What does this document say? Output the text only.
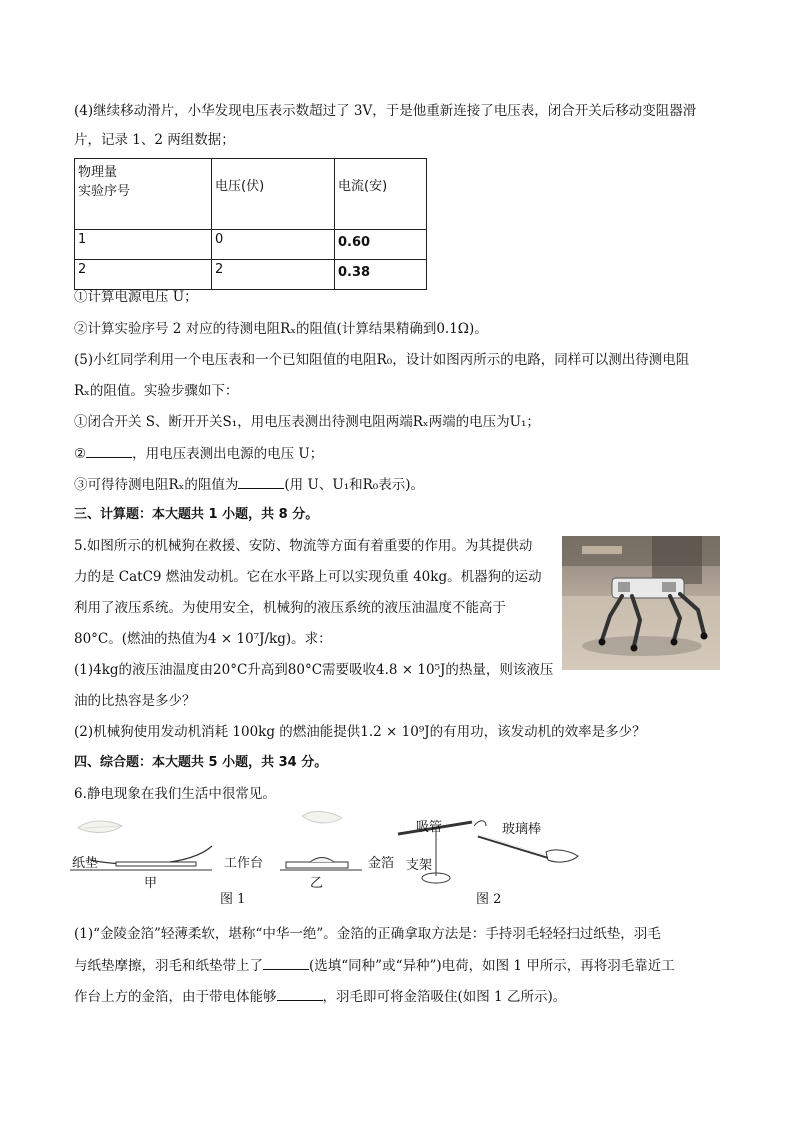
(4)继续移动滑片，小华发现电压表示数超过了 3V，于是他重新连接了电压表，闭合开关后移动变阻器滑
片，记录 1、2 两组数据；
物理量
实验序号	电压(伏)	电流(安)
1	0	0.60
2	2	0.38
①计算电源电压 U；
②计算实验序号 2 对应的待测电阻Rₓ的阻值(计算结果精确到0.1Ω)。
(5)小红同学利用一个电压表和一个已知阻值的电阻R₀，设计如图丙所示的电路，同样可以测出待测电阻
Rₓ的阻值。实验步骤如下：
①闭合开关 S、断开开关S₁，用电压表测出待测电阻两端Rₓ两端的电压为U₁；
②	，用电压表测出电源的电压 U；
③可得待测电阻Rₓ的阻值为	(用 U、U₁和R₀表示)。
三、计算题：本大题共 1 小题，共 8 分。
5.如图所示的机械狗在救援、安防、物流等方面有着重要的作用。为其提供动
力的是 CatC9 燃油发动机。它在水平路上可以实现负重 40kg。机器狗的运动
利用了液压系统。为使用安全，机械狗的液压系统的液压油温度不能高于
80°C。(燃油的热值为4 × 10⁷J/kg)。求：
(1)4kg的液压油温度由20°C升高到80°C需要吸收4.8 × 10⁵J的热量，则该液压
油的比热容是多少？
(2)机械狗使用发动机消耗 100kg 的燃油能提供1.2 × 10⁹J的有用功，该发动机的效率是多少？
四、综合题：本大题共 5 小题，共 34 分。
6.静电现象在我们生活中很常见。
纸垫
甲
工作台
乙
金箔
图 1
吸管	玻璃棒
支架
图 2
(1)“金陵金箔”轻薄柔软，堪称“中华一绝”。金箔的正确拿取方法是：手持羽毛轻轻扫过纸垫，羽毛
与纸垫摩擦，羽毛和纸垫带上了	(选填“同种”或“异种”)电荷，如图 1 甲所示，再将羽毛靠近工
作台上方的金箔，由于带电体能够	，羽毛即可将金箔吸住(如图 1 乙所示)。
